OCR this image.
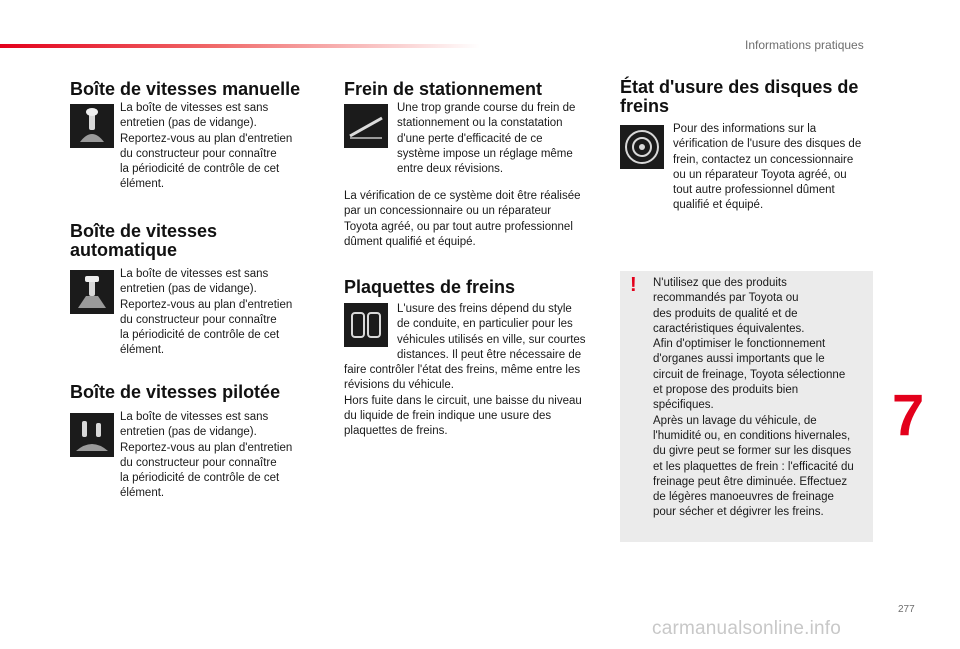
Informations pratiques
Boîte de vitesses manuelle

La boîte de vitesses est sans
entretien (pas de vidange).
Reportez-vous au plan d'entretien
du constructeur pour connaître
la périodicité de contrôle de cet
élément.

Boîte de vitesses
automatique

La boîte de vitesses est sans
entretien (pas de vidange).
Reportez-vous au plan d'entretien
du constructeur pour connaître
la périodicité de contrôle de cet
élément.

Boîte de vitesses pilotée

La boîte de vitesses est sans
entretien (pas de vidange).
Reportez-vous au plan d'entretien
du constructeur pour connaître
la périodicité de contrôle de cet
élément.

Frein de stationnement

Une trop grande course du frein de
stationnement ou la constatation
d'une perte d'efficacité de ce
système impose un réglage même
entre deux révisions.

La vérification de ce système doit être réalisée
par un concessionnaire ou un réparateur
Toyota agréé, ou par tout autre professionnel
dûment qualifié et équipé.

Plaquettes de freins

L'usure des freins dépend du style
de conduite, en particulier pour les
véhicules utilisés en ville, sur courtes
distances. Il peut être nécessaire de

faire contrôler l'état des freins, même entre les
révisions du véhicule.
Hors fuite dans le circuit, une baisse du niveau
du liquide de frein indique une usure des
plaquettes de freins.

État d'usure des disques de
freins

Pour des informations sur la
vérification de l'usure des disques de
frein, contactez un concessionnaire
ou un réparateur Toyota agréé, ou
tout autre professionnel dûment
qualifié et équipé.

! N'utilisez que des produits
recommandés par Toyota ou
des produits de qualité et de
caractéristiques équivalentes.
Afin d'optimiser le fonctionnement
d'organes aussi importants que le
circuit de freinage, Toyota sélectionne
et propose des produits bien
spécifiques.
Après un lavage du véhicule, de
l'humidité ou, en conditions hivernales,
du givre peut se former sur les disques
et les plaquettes de frein : l'efficacité du
freinage peut être diminuée. Effectuez
de légères manoeuvres de freinage
pour sécher et dégivrer les freins.

7
277
carmanualsonline.info
